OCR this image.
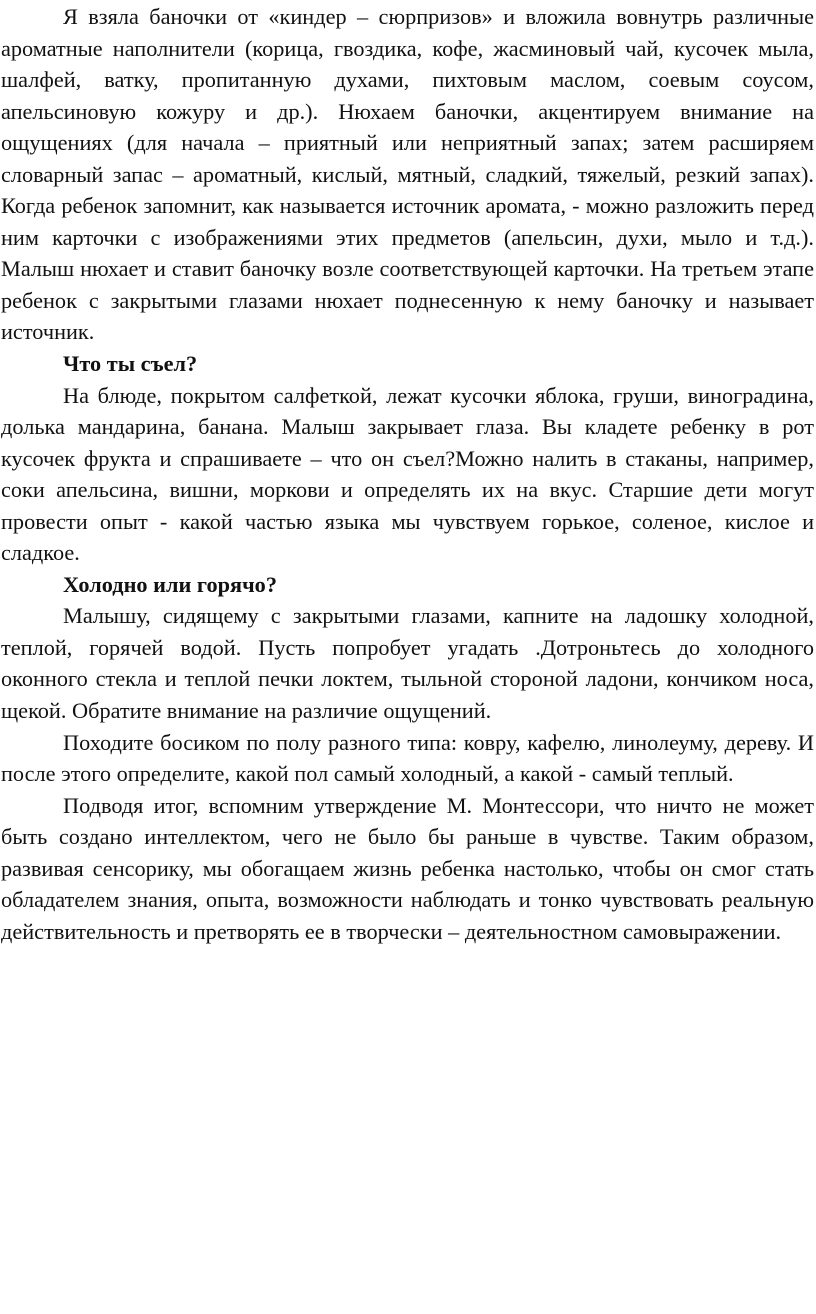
Я взяла баночки от «киндер – сюрпризов» и вложила вовнутрь различные ароматные наполнители (корица, гвоздика, кофе, жасминовый чай, кусочек мыла, шалфей, ватку, пропитанную духами, пихтовым маслом, соевым соусом, апельсиновую кожуру и др.). Нюхаем баночки, акцентируем внимание на ощущениях (для начала – приятный или неприятный запах; затем расширяем словарный запас – ароматный, кислый, мятный, сладкий, тяжелый, резкий запах). Когда ребенок запомнит, как называется источник аромата, - можно разложить перед ним карточки с изображениями этих предметов (апельсин, духи, мыло и т.д.). Малыш нюхает и ставит баночку возле соответствующей карточки. На третьем этапе ребенок с закрытыми глазами нюхает поднесенную к нему баночку и называет источник.

Что ты съел?

На блюде, покрытом салфеткой, лежат кусочки яблока, груши, виноградина, долька мандарина, банана. Малыш закрывает глаза. Вы кладете ребенку в рот кусочек фрукта и спрашиваете – что он съел?Можно налить в стаканы, например, соки апельсина, вишни, моркови и определять их на вкус. Старшие дети могут провести опыт - какой частью языка мы чувствуем горькое, соленое, кислое и сладкое.

Холодно или горячо?

Малышу, сидящему с закрытыми глазами, капните на ладошку холодной, теплой, горячей водой. Пусть попробует угадать .Дотроньтесь до холодного оконного стекла и теплой печки локтем, тыльной стороной ладони, кончиком носа, щекой. Обратите внимание на различие ощущений.

Походите босиком по полу разного типа: ковру, кафелю, линолеуму, дереву. И после этого определите, какой пол самый холодный, а какой - самый теплый.

Подводя итог, вспомним утверждение М. Монтессори, что ничто не может быть создано интеллектом, чего не было бы раньше в чувстве. Таким образом, развивая сенсорику, мы обогащаем жизнь ребенка настолько, чтобы он смог стать обладателем знания, опыта, возможности наблюдать и тонко чувствовать реальную действительность и претворять ее в творчески – деятельностном самовыражении.
